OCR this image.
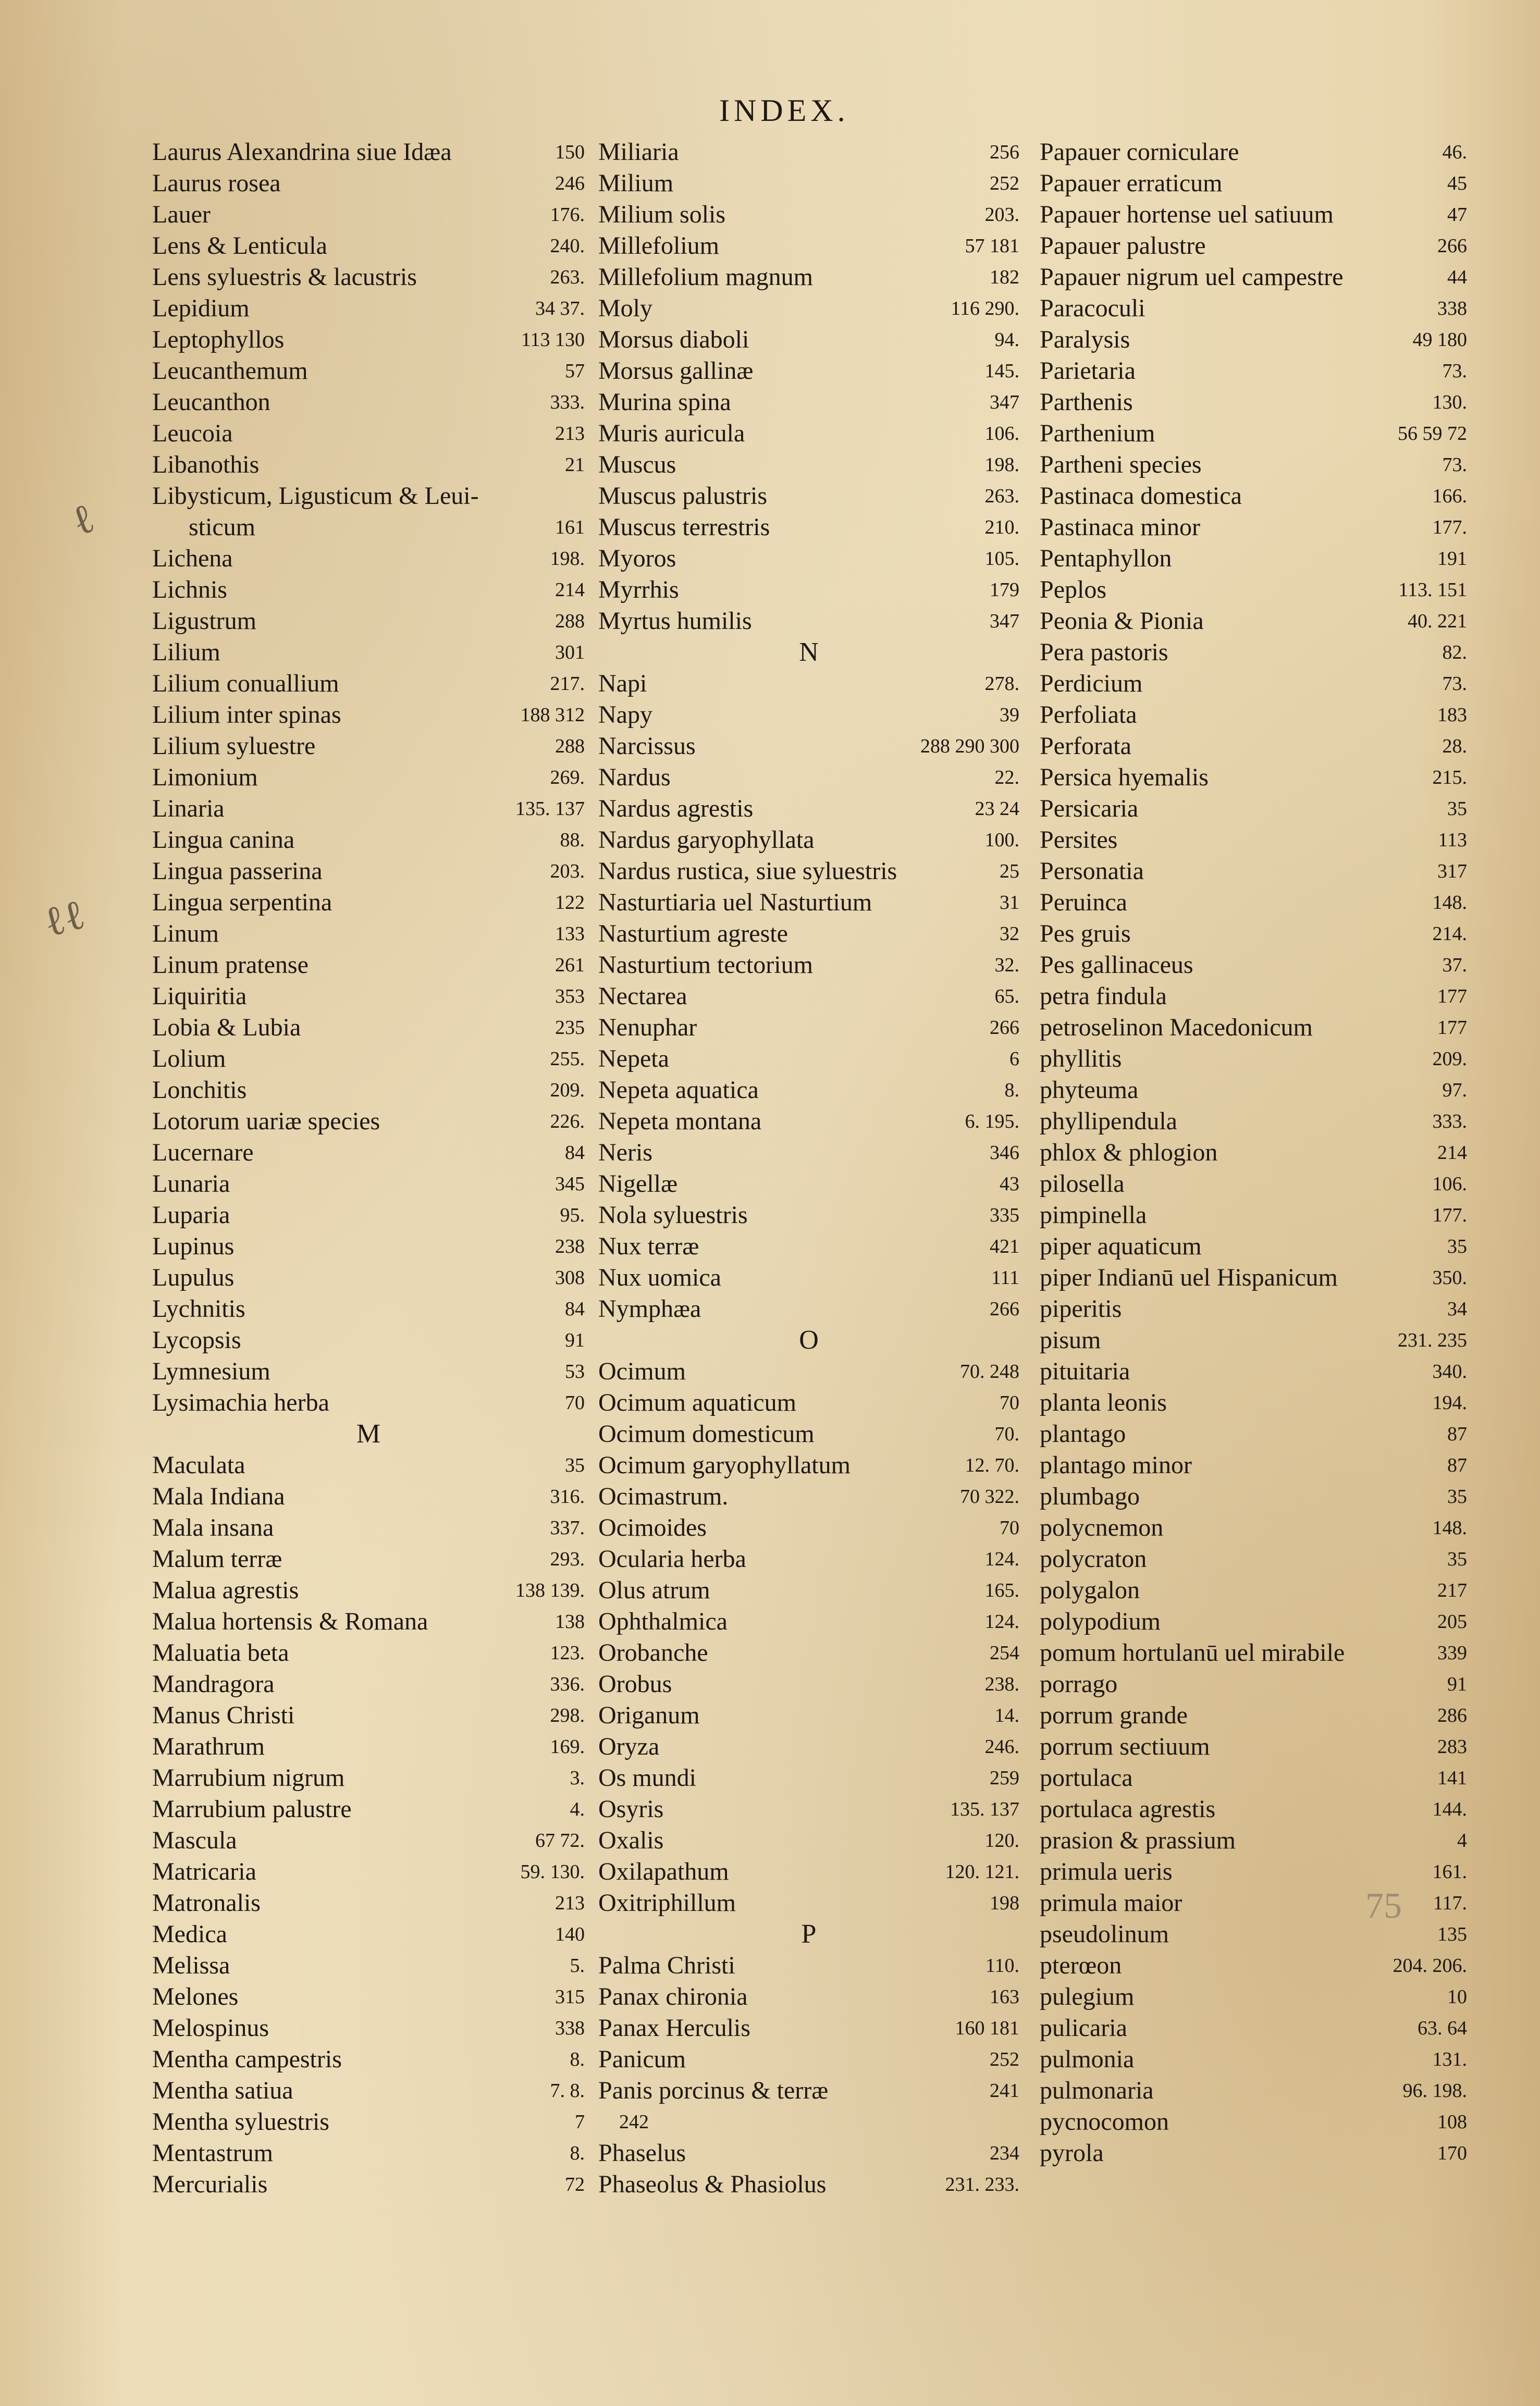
INDEX.
ℓ
ℓℓ
75
Laurus Alexandrina siue Idæa	150
Laurus rosea	246
Lauer	176.
Lens & Lenticula	240.
Lens syluestris & lacustris	263.
Lepidium	34 37.
Leptophyllos	113 130
Leucanthemum	57
Leucanthon	333.
Leucoia	213
Libanothis	21
Libysticum, Ligusticum & Leui-
sticum	161
Lichena	198.
Lichnis	214
Ligustrum	288
Lilium	301
Lilium conuallium	217.
Lilium inter spinas	188 312
Lilium syluestre	288
Limonium	269.
Linaria	135. 137
Lingua canina	88.
Lingua passerina	203.
Lingua serpentina	122
Linum	133
Linum pratense	261
Liquiritia	353
Lobia & Lubia	235
Lolium	255.
Lonchitis	209.
Lotorum uariæ species	226.
Lucernare	84
Lunaria	345
Luparia	95.
Lupinus	238
Lupulus	308
Lychnitis	84
Lycopsis	91
Lymnesium	53
Lysimachia herba	70
M
Maculata	35
Mala Indiana	316.
Mala insana	337.
Malum terræ	293.
Malua agrestis	138 139.
Malua hortensis & Romana	138
Maluatia beta	123.
Mandragora	336.
Manus Christi	298.
Marathrum	169.
Marrubium nigrum	3.
Marrubium palustre	4.
Mascula	67 72.
Matricaria	59. 130.
Matronalis	213
Medica	140
Melissa	5.
Melones	315
Melospinus	338
Mentha campestris	8.
Mentha satiua	7. 8.
Mentha syluestris	7
Mentastrum	8.
Mercurialis	72
Miliaria	256
Milium	252
Milium solis	203.
Millefolium	57 181
Millefolium magnum	182
Moly	116 290.
Morsus diaboli	94.
Morsus gallinæ	145.
Murina spina	347
Muris auricula	106.
Muscus	198.
Muscus palustris	263.
Muscus terrestris	210.
Myoros	105.
Myrrhis	179
Myrtus humilis	347
N
Napi	278.
Napy	39
Narcissus	288 290 300
Nardus	22.
Nardus agrestis	23 24
Nardus garyophyllata	100.
Nardus rustica, siue syluestris	25
Nasturtiaria uel Nasturtium	31
Nasturtium agreste	32
Nasturtium tectorium	32.
Nectarea	65.
Nenuphar	266
Nepeta	6
Nepeta aquatica	8.
Nepeta montana	6. 195.
Neris	346
Nigellæ	43
Nola syluestris	335
Nux terræ	421
Nux uomica	111
Nymphæa	266
O
Ocimum	70. 248
Ocimum aquaticum	70
Ocimum domesticum	70.
Ocimum garyophyllatum	12. 70.
Ocimastrum.	70 322.
Ocimoides	70
Ocularia herba	124.
Olus atrum	165.
Ophthalmica	124.
Orobanche	254
Orobus	238.
Origanum	14.
Oryza	246.
Os mundi	259
Osyris	135. 137
Oxalis	120.
Oxilapathum	120. 121.
Oxitriphillum	198
P
Palma Christi	110.
Panax chironia	163
Panax Herculis	160 181
Panicum	252
Panis porcinus & terræ	241
242
Phaselus	234
Phaseolus & Phasiolus	231. 233.
Papauer corniculare	46.
Papauer erraticum	45
Papauer hortense uel satiuum	47
Papauer palustre	266
Papauer nigrum uel campestre	44
Paracoculi	338
Paralysis	49 180
Parietaria	73.
Parthenis	130.
Parthenium	56 59 72
Partheni species	73.
Pastinaca domestica	166.
Pastinaca minor	177.
Pentaphyllon	191
Peplos	113. 151
Peonia & Pionia	40. 221
Pera pastoris	82.
Perdicium	73.
Perfoliata	183
Perforata	28.
Persica hyemalis	215.
Persicaria	35
Persites	113
Personatia	317
Peruinca	148.
Pes gruis	214.
Pes gallinaceus	37.
petra findula	177
petroselinon Macedonicum	177
phyllitis	209.
phyteuma	97.
phyllipendula	333.
phlox & phlogion	214
pilosella	106.
pimpinella	177.
piper aquaticum	35
piper Indianū uel Hispanicum	350.
piperitis	34
pisum	231. 235
pituitaria	340.
planta leonis	194.
plantago	87
plantago minor	87
plumbago	35
polycnemon	148.
polycraton	35
polygalon	217
polypodium	205
pomum hortulanū uel mirabile	339
porrago	91
porrum grande	286
porrum sectiuum	283
portulaca	141
portulaca agrestis	144.
prasion & prassium	4
primula ueris	161.
primula maior	117.
pseudolinum	135
pterœon	204. 206.
pulegium	10
pulicaria	63. 64
pulmonia	131.
pulmonaria	96. 198.
pycnocomon	108
pyrola	170
